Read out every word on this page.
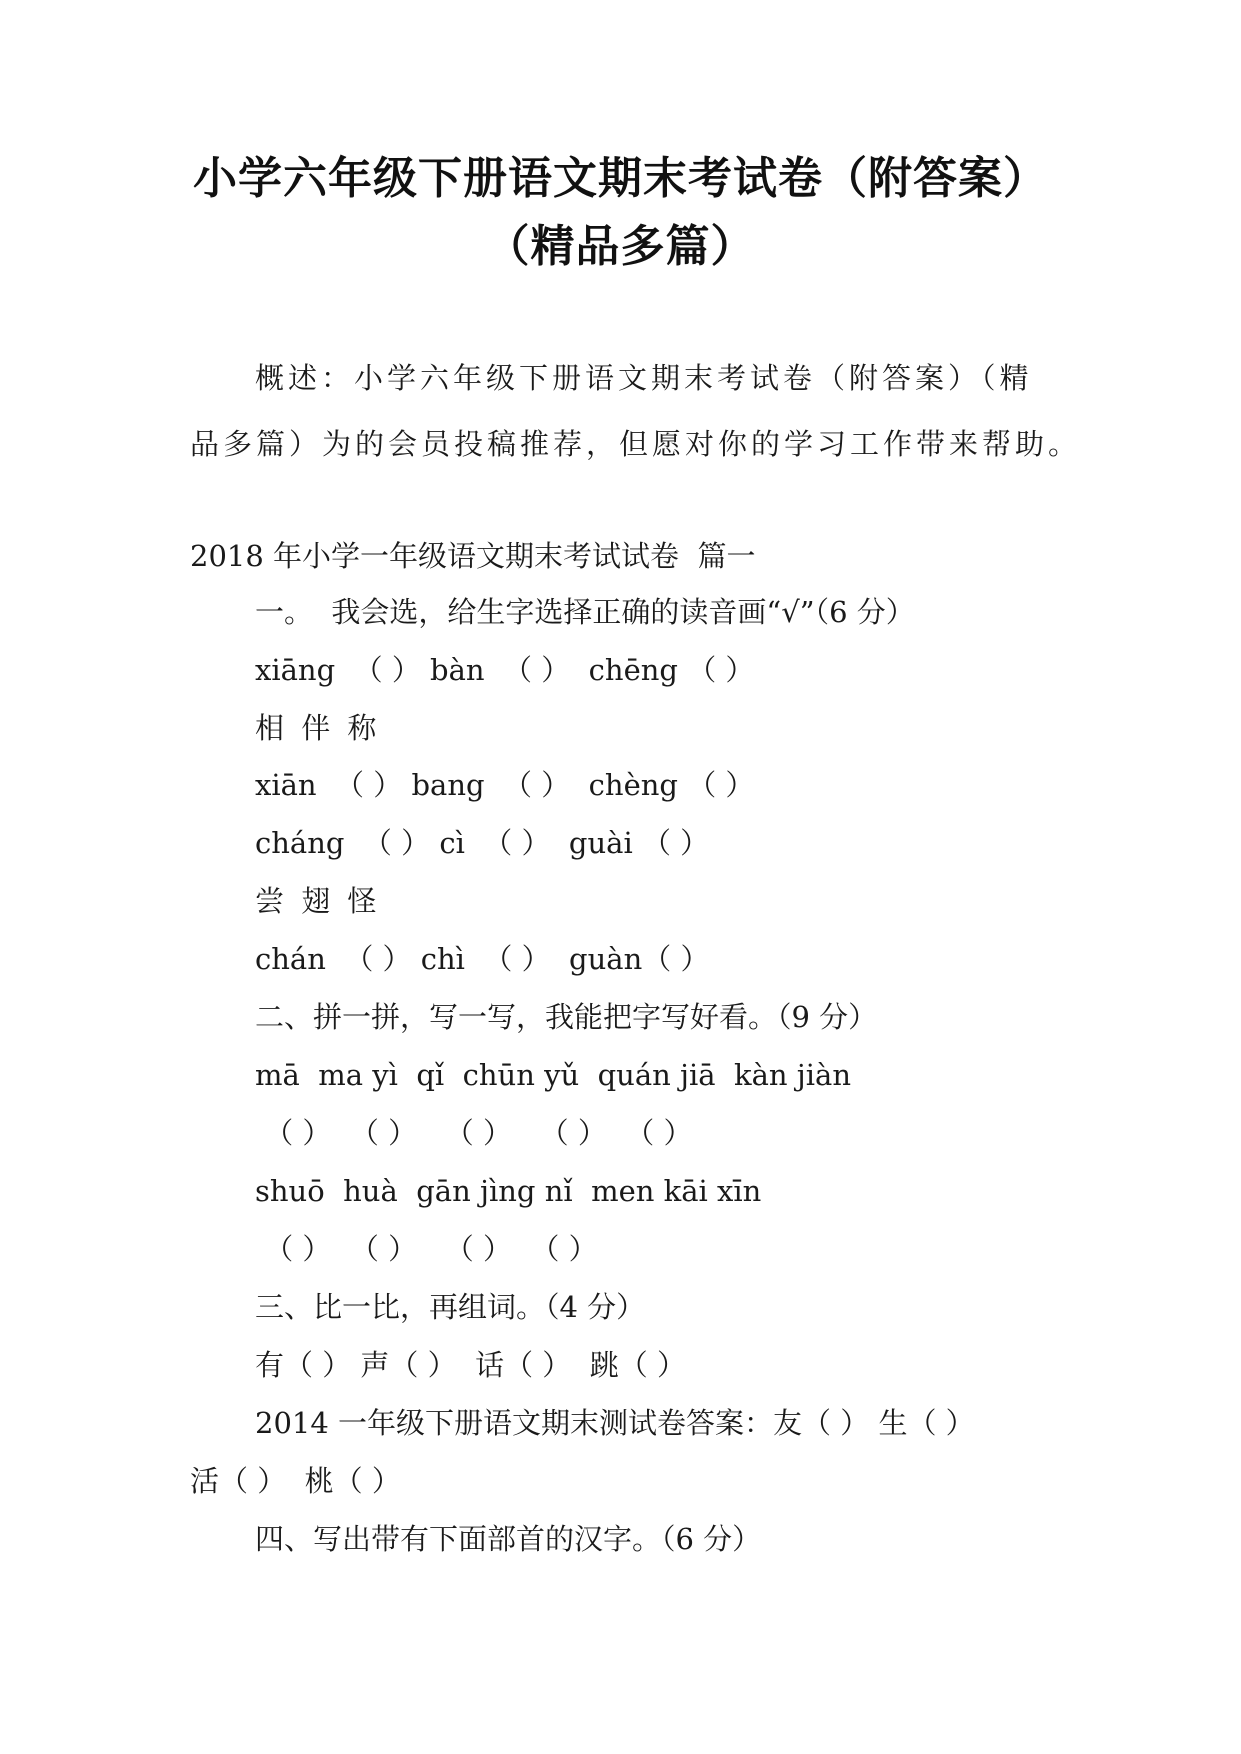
小学六年级下册语文期末考试卷（附答案）
（精品多篇）
概述：小学六年级下册语文期末考试卷（附答案）（精
品多篇）为的会员投稿推荐，但愿对你的学习工作带来帮助。
2018 年小学一年级语文期末考试试卷  篇一
一。  我会选，给生字选择正确的读音画“√”（6 分）
xiāng  （ ） bàn  （ ）  chēng （ ）
相 伴 称
xiān  （ ） bang  （ ）  chèng （ ）
cháng  （ ） cì  （ ）  guài （ ）
尝 翅 怪
chán  （ ） chì  （ ）  guàn（ ）
二、拼一拼，写一写，我能把字写好看。（9 分）
mā  ma yì  qǐ  chūn yǔ  quán jiā  kàn jiàn
（ ）  （ ）   （ ）   （ ）  （ ）
shuō  huà  gān jìng nǐ  men kāi xīn
（ ）  （ ）   （ ）  （ ）
三、比一比，再组词。（4 分）
有（ ） 声（ ）  话（ ）  跳（ ）
2014 一年级下册语文期末测试卷答案：友（ ） 生（ ）
活（ ）  桃（ ）
四、写出带有下面部首的汉字。（6 分）
